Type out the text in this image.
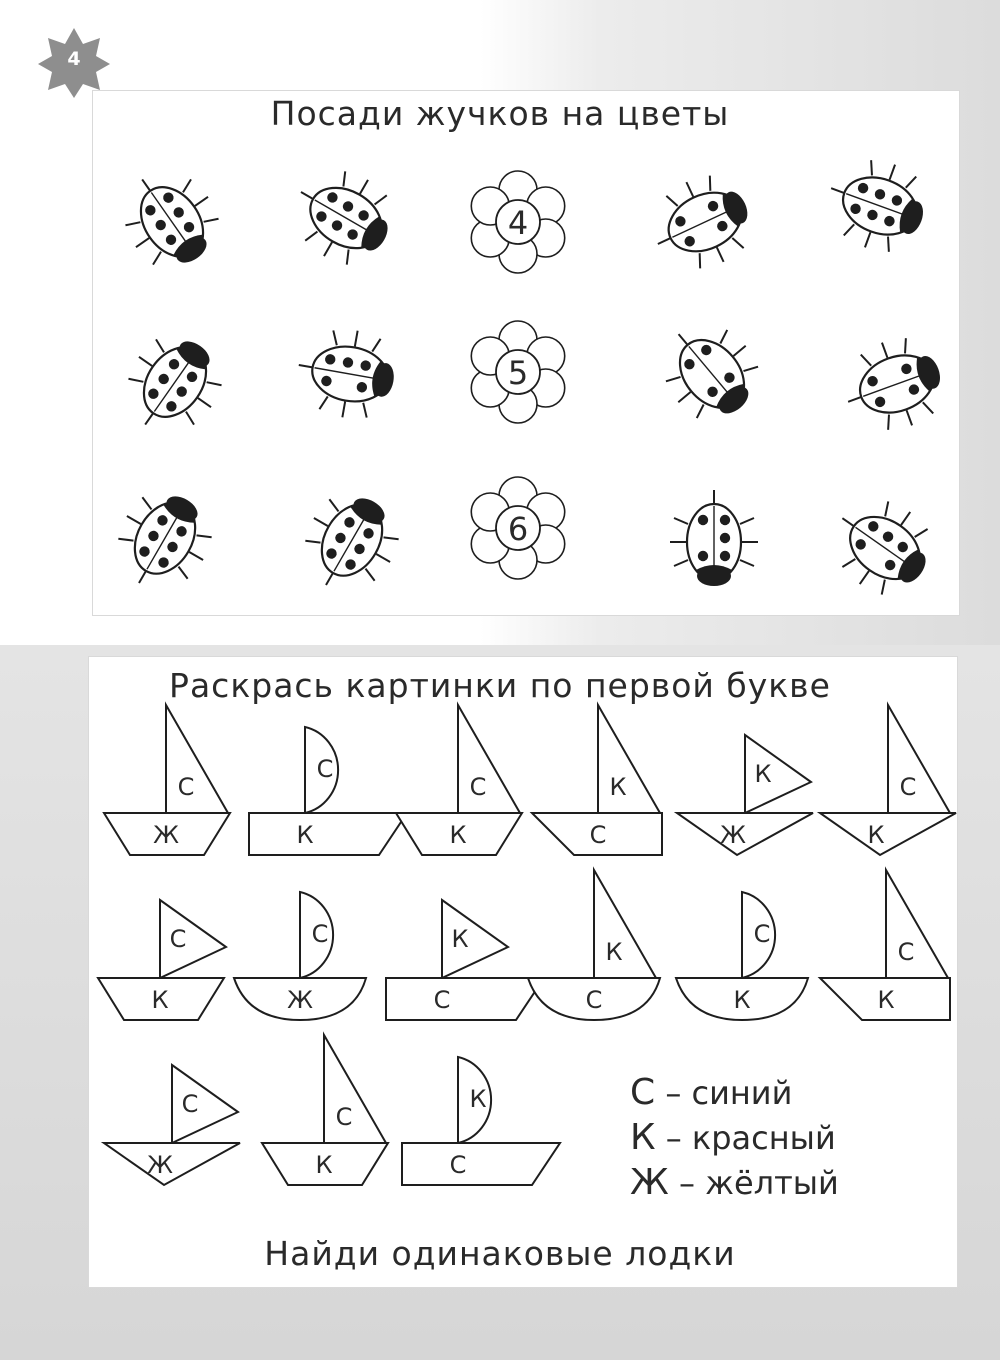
4
Посади жучков на цветы
Раскрась картинки по первой букве
4
5
6
С
Ж
С
К
С
К
К
С
К
Ж
С
К
С
К
С
Ж
К
С
К
С
С
К
С
К
С
Ж
С
К
К
С
С – синий
К – красный
Ж – жёлтый
Найди одинаковые лодки
